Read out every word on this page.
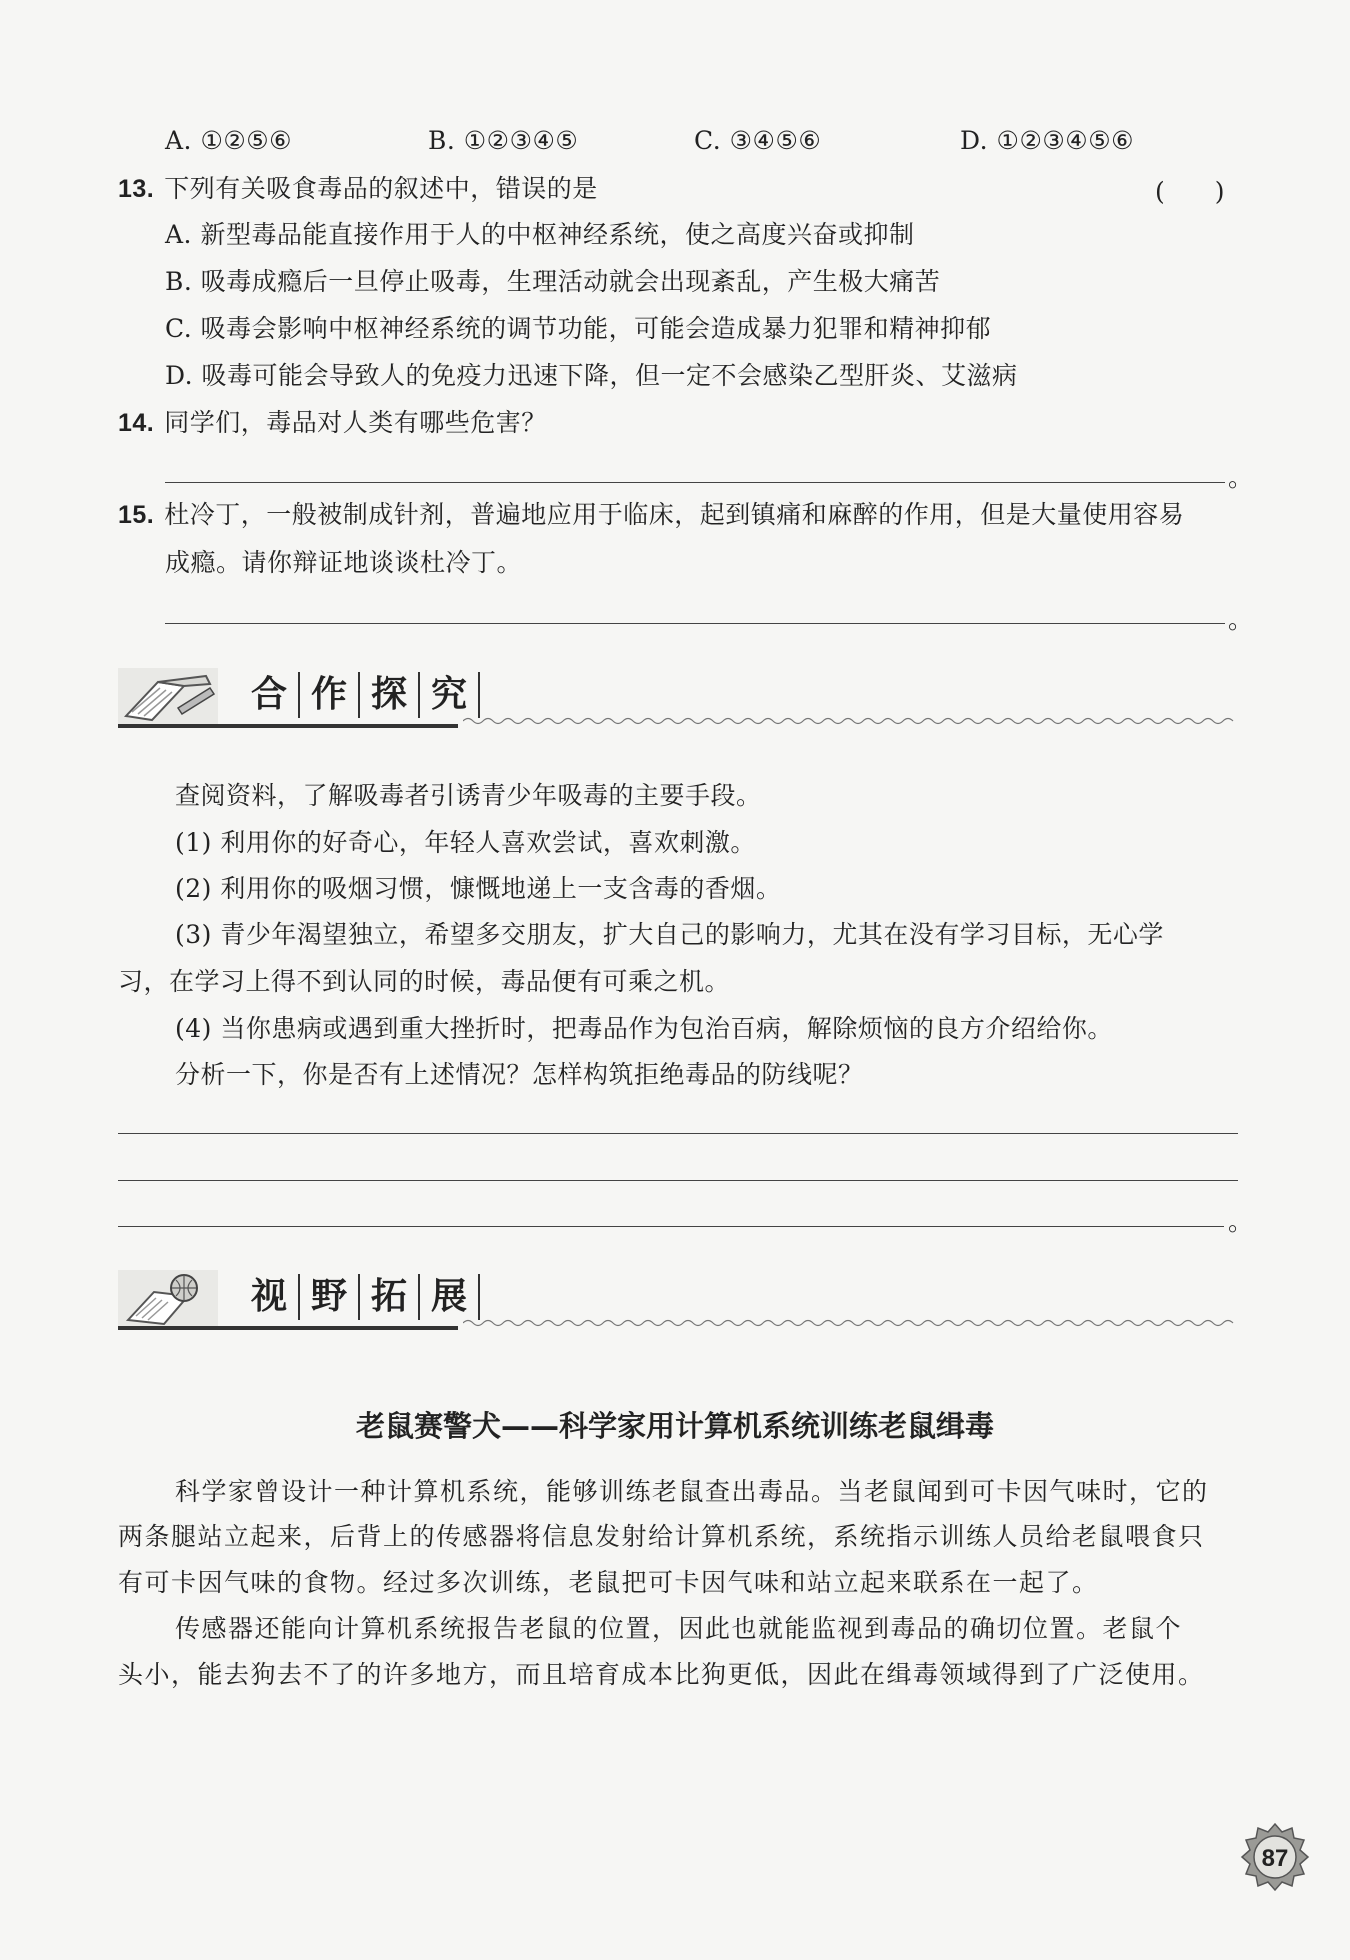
A. ①②⑤⑥	B. ①②③④⑤	C. ③④⑤⑥	D. ①②③④⑤⑥
13. 下列有关吸食毒品的叙述中，错误的是	(　　)
A. 新型毒品能直接作用于人的中枢神经系统，使之高度兴奋或抑制
B. 吸毒成瘾后一旦停止吸毒，生理活动就会出现紊乱，产生极大痛苦
C. 吸毒会影响中枢神经系统的调节功能，可能会造成暴力犯罪和精神抑郁
D. 吸毒可能会导致人的免疫力迅速下降，但一定不会感染乙型肝炎、艾滋病
14. 同学们，毒品对人类有哪些危害？
。
15. 杜冷丁，一般被制成针剂，普遍地应用于临床，起到镇痛和麻醉的作用，但是大量使用容易
成瘾。请你辩证地谈谈杜冷丁。
。
合 作 探 究
查阅资料，了解吸毒者引诱青少年吸毒的主要手段。
(1) 利用你的好奇心，年轻人喜欢尝试，喜欢刺激。
(2) 利用你的吸烟习惯，慷慨地递上一支含毒的香烟。
(3) 青少年渴望独立，希望多交朋友，扩大自己的影响力，尤其在没有学习目标，无心学
习，在学习上得不到认同的时候，毒品便有可乘之机。
(4) 当你患病或遇到重大挫折时，把毒品作为包治百病，解除烦恼的良方介绍给你。
分析一下，你是否有上述情况？怎样构筑拒绝毒品的防线呢？
。
视 野 拓 展
老鼠赛警犬——科学家用计算机系统训练老鼠缉毒
科学家曾设计一种计算机系统，能够训练老鼠查出毒品。当老鼠闻到可卡因气味时，它的
两条腿站立起来，后背上的传感器将信息发射给计算机系统，系统指示训练人员给老鼠喂食只
有可卡因气味的食物。经过多次训练，老鼠把可卡因气味和站立起来联系在一起了。
传感器还能向计算机系统报告老鼠的位置，因此也就能监视到毒品的确切位置。老鼠个
头小，能去狗去不了的许多地方，而且培育成本比狗更低，因此在缉毒领域得到了广泛使用。
87
